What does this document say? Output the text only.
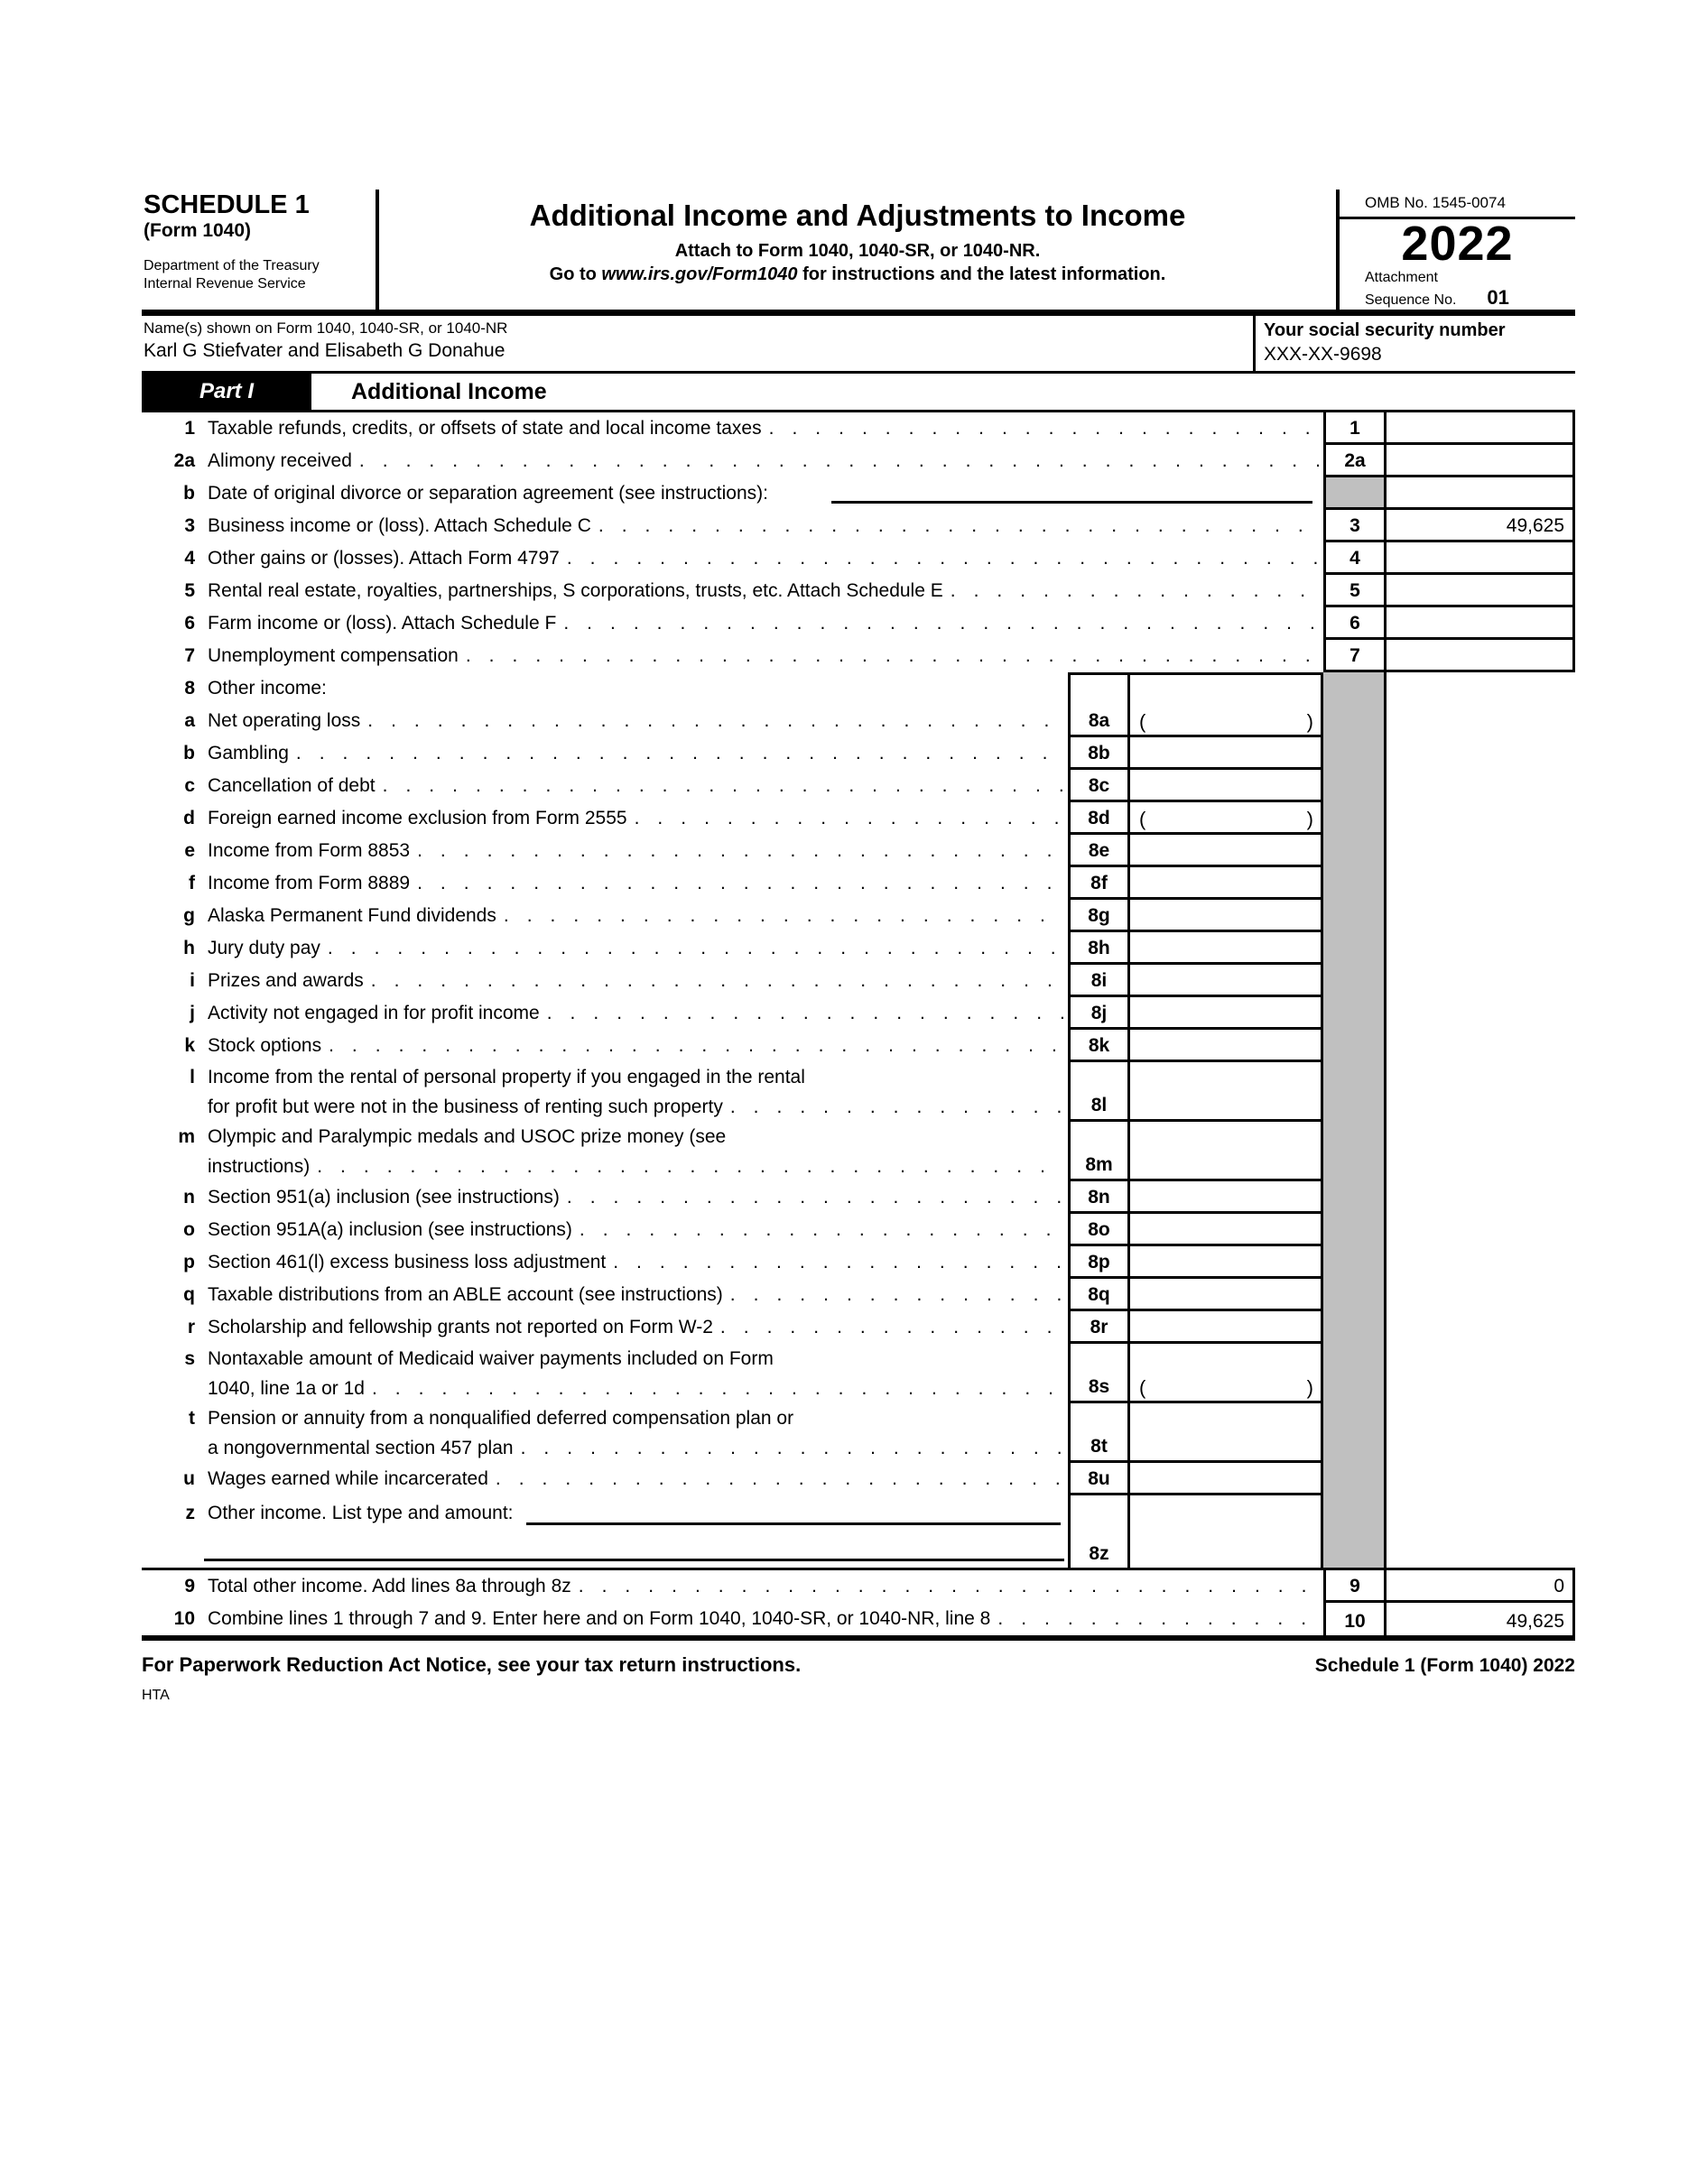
SCHEDULE 1
(Form 1040)
Department of the Treasury
Internal Revenue Service
Additional Income and Adjustments to Income
Attach to Form 1040, 1040-SR, or 1040-NR.
Go to www.irs.gov/Form1040 for instructions and the latest information.
OMB No. 1545-0074
2022
Attachment
Sequence No. 01
Name(s) shown on Form 1040, 1040-SR, or 1040-NR
Karl G Stiefvater and Elisabeth G Donahue
Your social security number
XXX-XX-9698
Part I	Additional Income
1 Taxable refunds, credits, or offsets of state and local income taxes .....	1
2a Alimony received .....	2a
b Date of original divorce or separation agreement (see instructions):
3 Business income or (loss). Attach Schedule C .....	3	49,625
4 Other gains or (losses). Attach Form 4797 .....	4
5 Rental real estate, royalties, partnerships, S corporations, trusts, etc. Attach Schedule E .....	5
6 Farm income or (loss). Attach Schedule F .....	6
7 Unemployment compensation .....	7
8 Other income:
a Net operating loss .....	8a (	)
b Gambling .....	8b
c Cancellation of debt .....	8c
d Foreign earned income exclusion from Form 2555 .....	8d (	)
e Income from Form 8853 .....	8e
f Income from Form 8889 .....	8f
g Alaska Permanent Fund dividends .....	8g
h Jury duty pay .....	8h
i Prizes and awards .....	8i
j Activity not engaged in for profit income .....	8j
k Stock options .....	8k
l Income from the rental of personal property if you engaged in the rental
for profit but were not in the business of renting such property .....	8l
m Olympic and Paralympic medals and USOC prize money (see
instructions) .....	8m
n Section 951(a) inclusion (see instructions) .....	8n
o Section 951A(a) inclusion (see instructions) .....	8o
p Section 461(l) excess business loss adjustment .....	8p
q Taxable distributions from an ABLE account (see instructions) .....	8q
r Scholarship and fellowship grants not reported on Form W-2 .....	8r
s Nontaxable amount of Medicaid waiver payments included on Form
1040, line 1a or 1d .....	8s (	)
t Pension or annuity from a nonqualified deferred compensation plan or
a nongovernmental section 457 plan .....	8t
u Wages earned while incarcerated .....	8u
z Other income. List type and amount:
8z
9 Total other income. Add lines 8a through 8z .....	9	0
10 Combine lines 1 through 7 and 9. Enter here and on Form 1040, 1040-SR, or 1040-NR, line 8 .....	10	49,625
For Paperwork Reduction Act Notice, see your tax return instructions.	Schedule 1 (Form 1040) 2022
HTA
